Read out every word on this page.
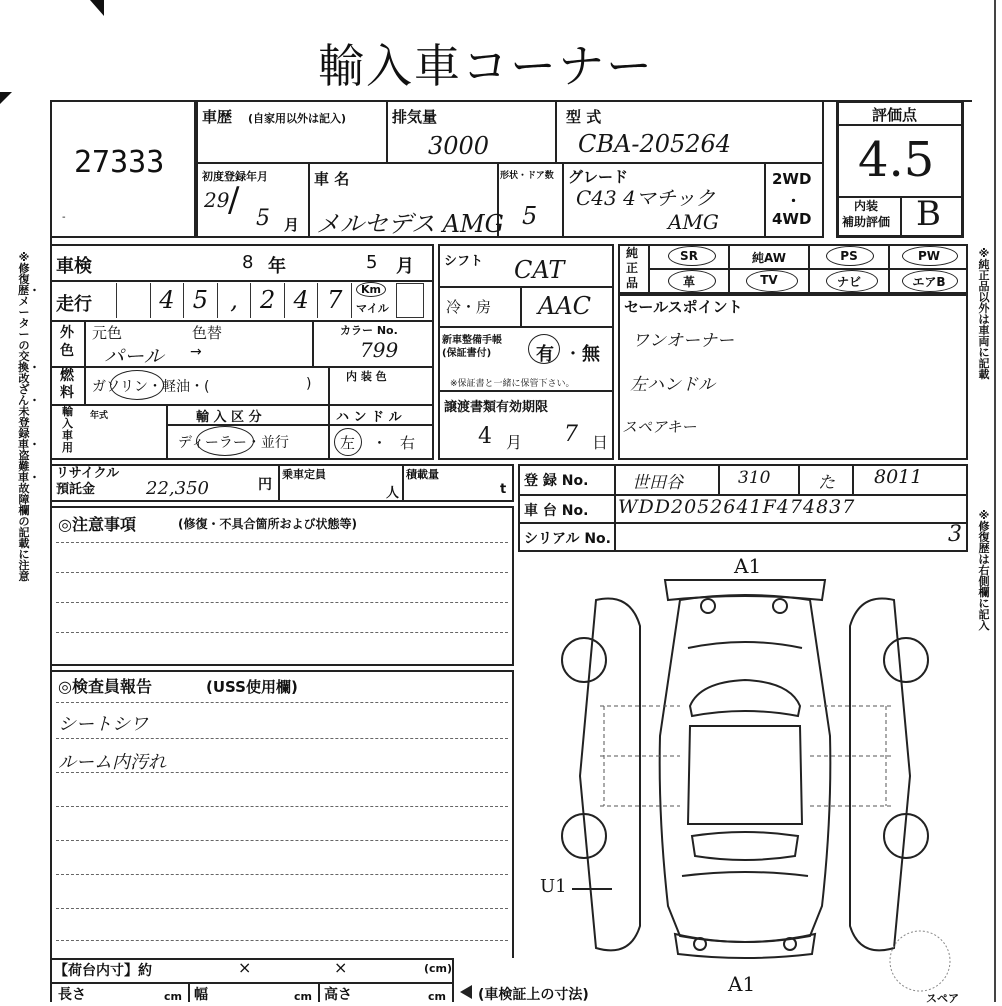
輸入車コーナー
27333
-
車歴 (自家用以外は記入)	排気量
3000
型 式
CBA-205264
初度登録年月
29
/ 5 月
車 名
メルセデス AMG
形状・ドア数
5
グレード
C43 4マチック
AMG
2WD
・
4WD
評価点
4.5
内装
補助評価 B
車検	8 年	5 月
走行	4 5 , 2 4 7	Km
マイル
外
色
元色	色替
パール →
カラー No.
799
燃
料 ガソリン・軽油・(	)	内 装 色
輸
入
車
用
年式	輸 入 区 分
ディーラー・並行
ハ ン ド ル
左 ・ 右
シフト CAT
冷・房 AAC
新車整備手帳
(保証書付)	有 ・ 無
※保証書と一緒に保管下さい。
譲渡書類有効期限
4 月 7 日
純
正
品
SR	純AW	PS	PW
革	TV	ナビ	エアB
セールスポイント
ワンオーナー
左ハンドル
スペアキー
リサイクル
預託金	22,350	円
乗車定員
人
積載量
t
登 録 No.	世田谷	310	た 8011
車 台 No. WDD2052641F474837
シリアル No.	3
◎注意事項	(修復・不具合箇所および状態等)
◎検査員報告	(USS使用欄)
シートシワ
ルーム内汚れ
【荷台内寸】約	×	×	(cm)
長さ	cm 幅	cm 高さ	cm (車検証上の寸法)
A1
A1
U1
スペア
※修復歴・メーターの交換・改ざん・未登録車・盗難車・故障欄の記載に注意
※純正品以外は車両に記載
※修復歴は右側欄に記入
